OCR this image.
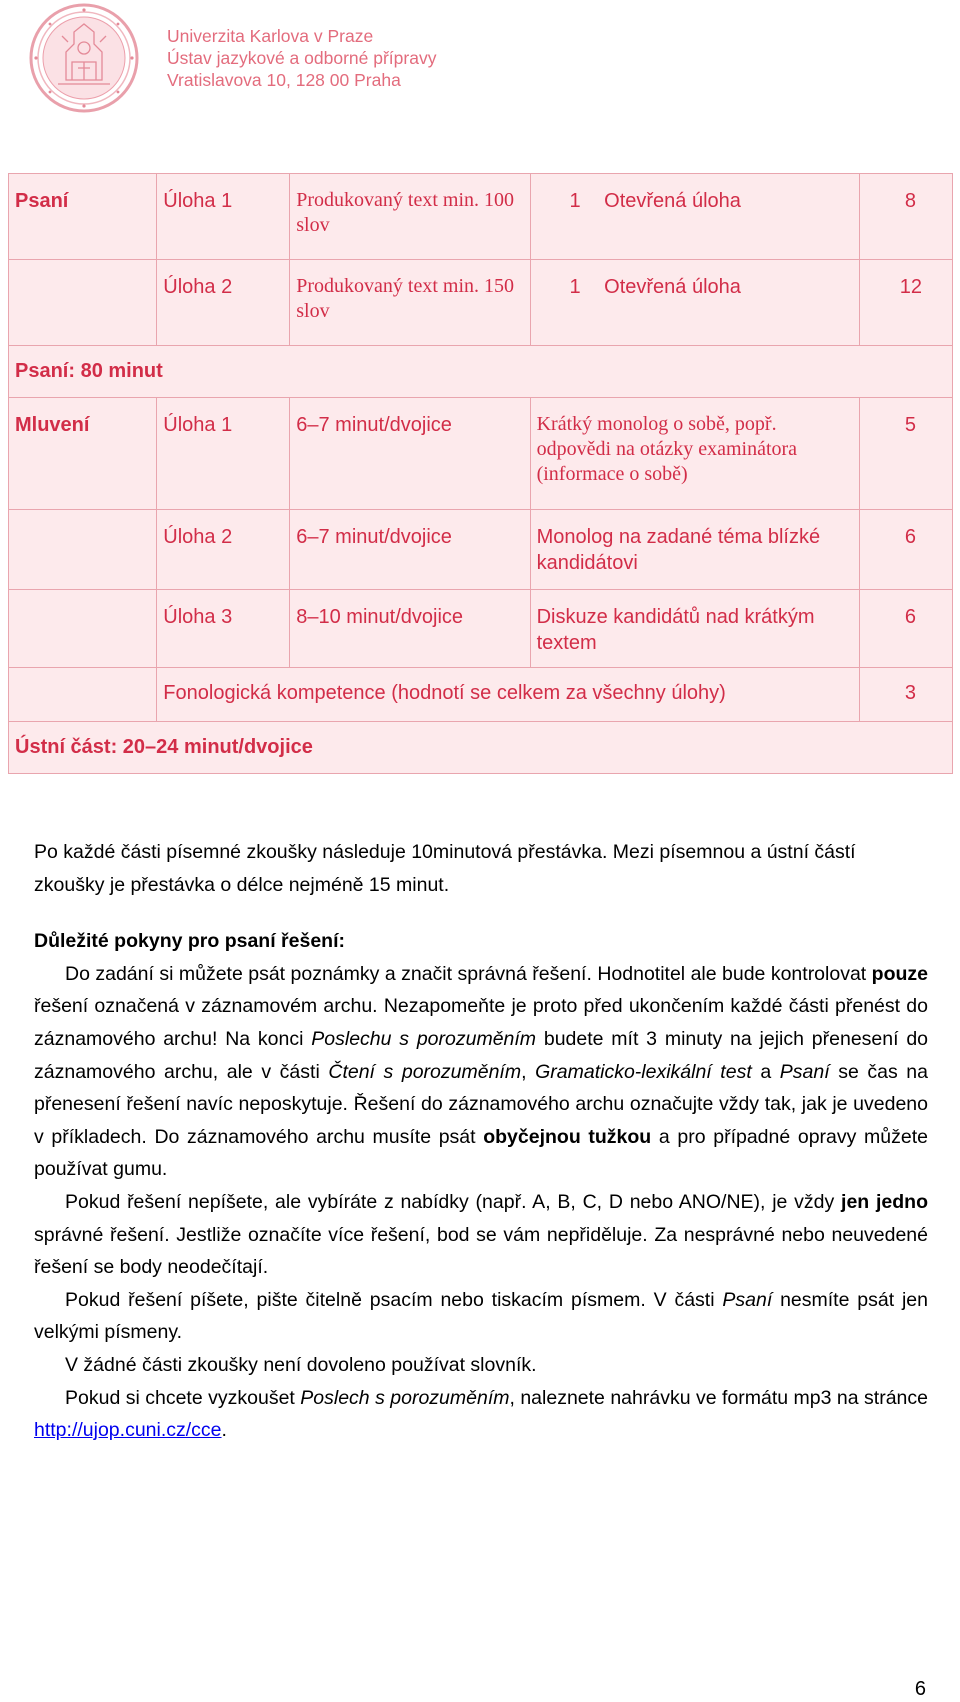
Univerzita Karlova v Praze
Ústav jazykové a odborné přípravy
Vratislavova 10, 128 00 Praha
Psaní	Úloha 1	Produkovaný text min. 100 slov	1 Otevřená úloha	8
	Úloha 2	Produkovaný text min. 150 slov	1 Otevřená úloha	12
Psaní: 80 minut				
Mluvení	Úloha 1	6–7 minut/dvojice	Krátký monolog o sobě, popř. odpovědi na otázky examinátora (informace o sobě)	5
	Úloha 2	6–7 minut/dvojice	Monolog na zadané téma blízké kandidátovi	6
	Úloha 3	8–10 minut/dvojice	Diskuze kandidátů nad krátkým textem	6
	Fonologická kompetence (hodnotí se celkem za všechny úlohy)			3
Ústní část: 20–24 minut/dvojice				

Po každé části písemné zkoušky následuje 10minutová přestávka. Mezi písemnou a ústní částí zkoušky je přestávka o délce nejméně 15 minut.

Důležité pokyny pro psaní řešení:

Do zadání si můžete psát poznámky a značit správná řešení. Hodnotitel ale bude kontrolovat pouze řešení označená v záznamovém archu. Nezapomeňte je proto před ukončením každé části přenést do záznamového archu! Na konci Poslechu s porozuměním budete mít 3 minuty na jejich přenesení do záznamového archu, ale v části Čtení s porozuměním, Gramaticko-lexikální test a Psaní se čas na přenesení řešení navíc neposkytuje. Řešení do záznamového archu označujte vždy tak, jak je uvedeno v příkladech. Do záznamového archu musíte psát obyčejnou tužkou a pro případné opravy můžete používat gumu.

Pokud řešení nepíšete, ale vybíráte z nabídky (např. A, B, C, D nebo ANO/NE), je vždy jen jedno správné řešení. Jestliže označíte více řešení, bod se vám nepřiděluje. Za nesprávné nebo neuvedené řešení se body neodečítají.

Pokud řešení píšete, pište čitelně psacím nebo tiskacím písmem. V části Psaní nesmíte psát jen velkými písmeny.

V žádné části zkoušky není dovoleno používat slovník.

Pokud si chcete vyzkoušet Poslech s porozuměním, naleznete nahrávku ve formátu mp3 na stránce http://ujop.cuni.cz/cce.

6
